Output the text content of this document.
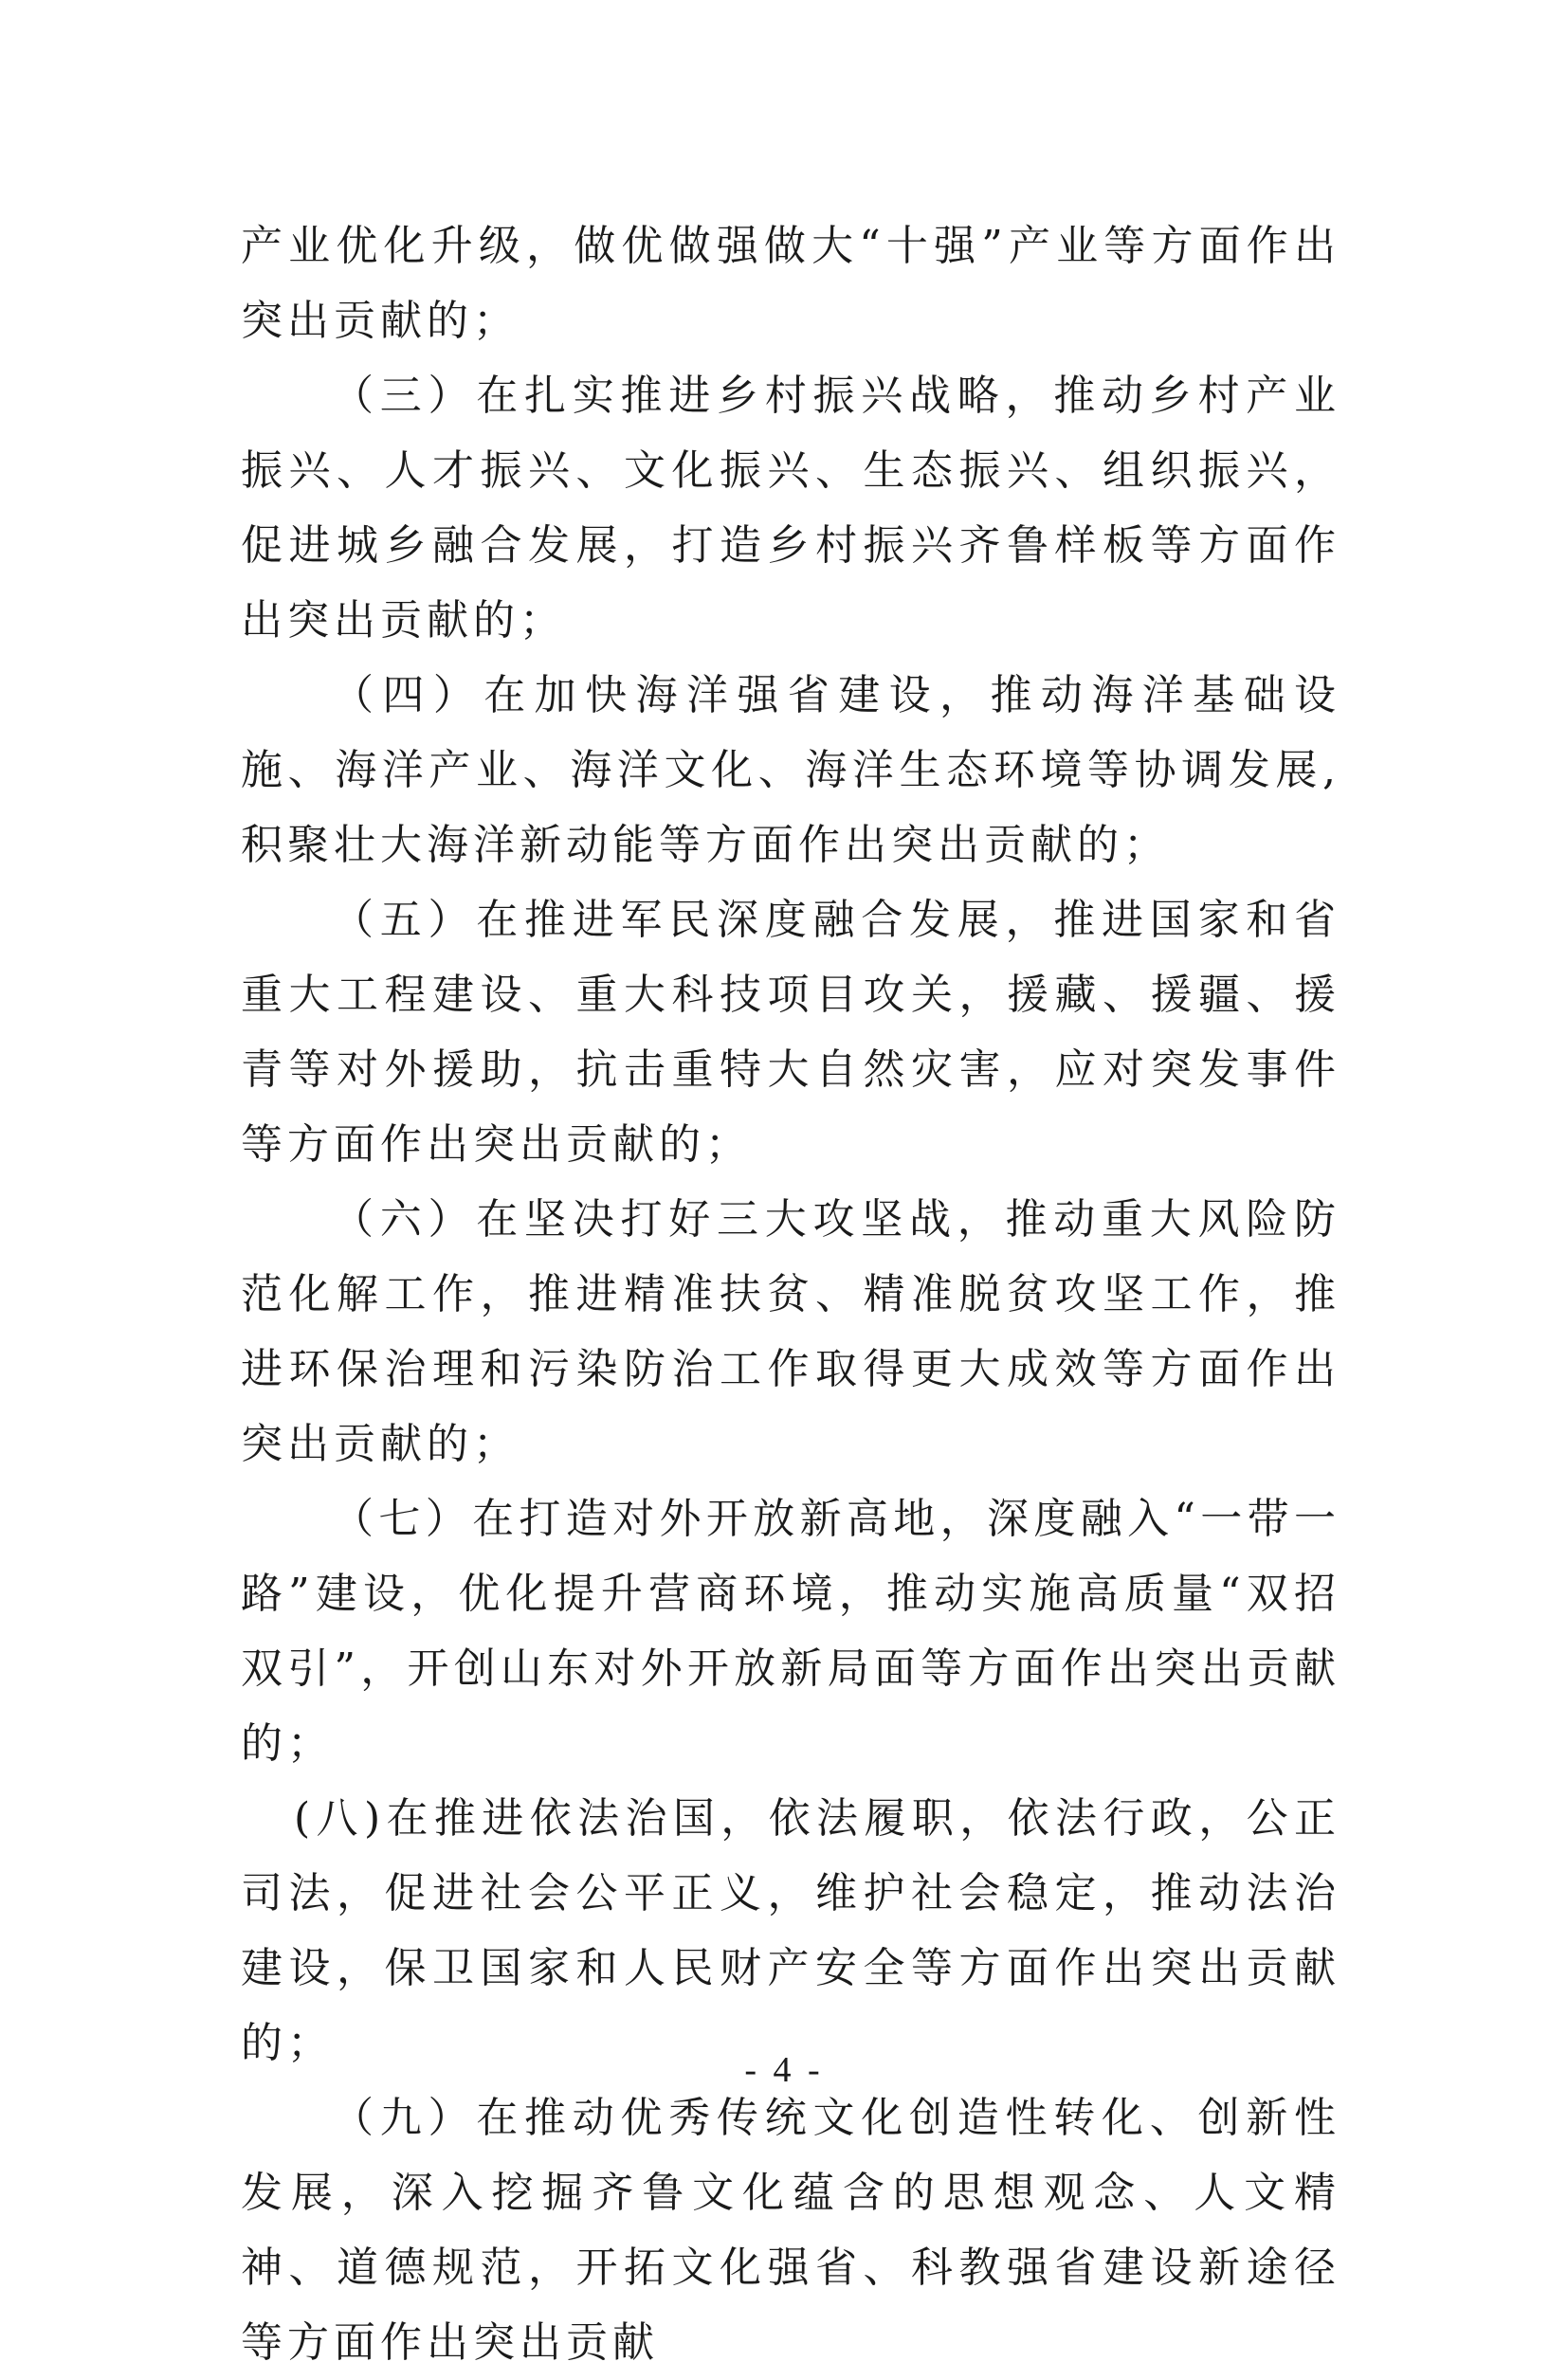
产业优化升级，做优做强做大“十强”产业等方面作出突出贡献的；

（三）在扎实推进乡村振兴战略，推动乡村产业振兴、人才振兴、文化振兴、生态振兴、组织振兴，促进城乡融合发展，打造乡村振兴齐鲁样板等方面作出突出贡献的；

（四）在加快海洋强省建设，推动海洋基础设施、海洋产业、海洋文化、海洋生态环境等协调发展,积聚壮大海洋新动能等方面作出突出贡献的；

（五）在推进军民深度融合发展，推进国家和省重大工程建设、重大科技项目攻关，援藏、援疆、援青等对外援助，抗击重特大自然灾害，应对突发事件等方面作出突出贡献的；

（六）在坚决打好三大攻坚战，推动重大风险防范化解工作，推进精准扶贫、精准脱贫攻坚工作，推进环保治理和污染防治工作取得更大成效等方面作出突出贡献的；

（七）在打造对外开放新高地，深度融入“一带一路”建设，优化提升营商环境，推动实施高质量“双招双引”，开创山东对外开放新局面等方面作出突出贡献的；

(八)在推进依法治国，依法履职，依法行政，公正司法，促进社会公平正义，维护社会稳定，推动法治建设，保卫国家和人民财产安全等方面作出突出贡献的；

（九）在推动优秀传统文化创造性转化、创新性发展，深入挖掘齐鲁文化蕴含的思想观念、人文精神、道德规范，开拓文化强省、科教强省建设新途径等方面作出突出贡献

- 4 -
